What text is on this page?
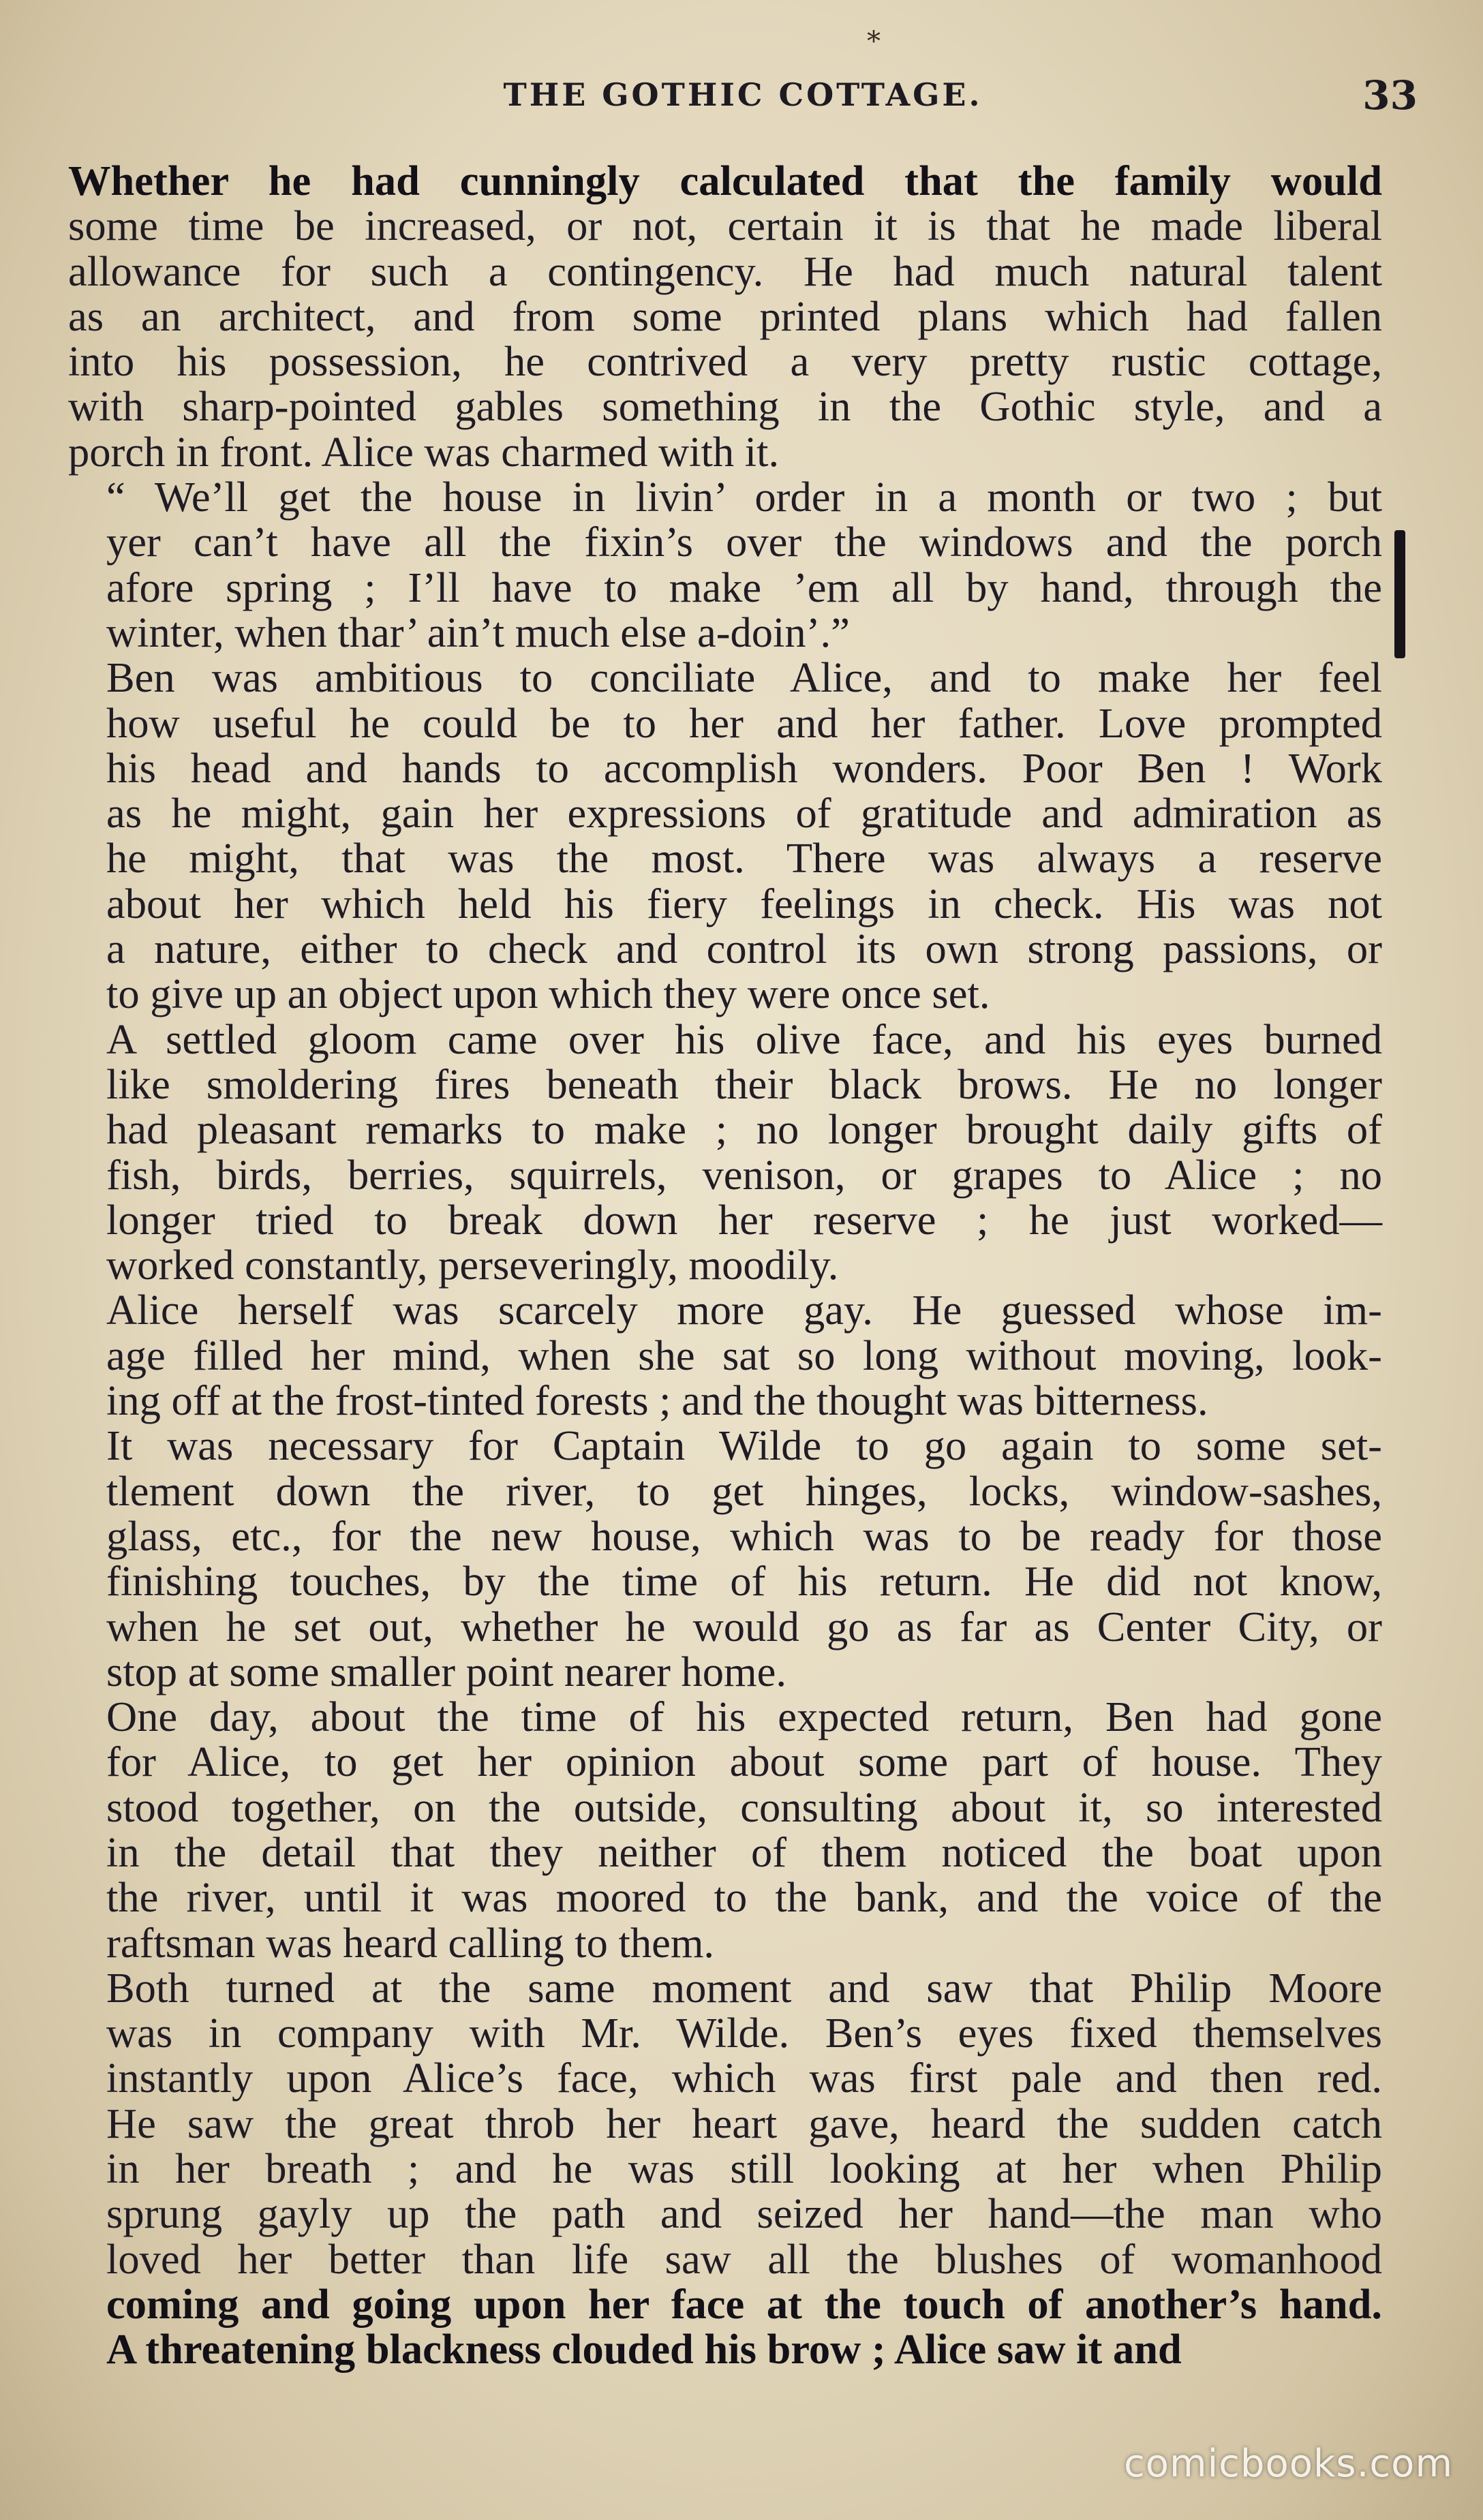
*
THE GOTHIC COTTAGE.	33

Whether he had cunningly calculated that the family would
some time be increased, or not, certain it is that he made liberal
allowance for such a contingency. He had much natural talent
as an architect, and from some printed plans which had fallen
into his possession, he contrived a very pretty rustic cottage,
with sharp-pointed gables something in the Gothic style, and a
porch in front. Alice was charmed with it.

“ We’ll get the house in livin’ order in a month or two ; but
yer can’t have all the fixin’s over the windows and the porch
afore spring ; I’ll have to make ’em all by hand, through the
winter, when thar’ ain’t much else a-doin’.”

Ben was ambitious to conciliate Alice, and to make her feel
how useful he could be to her and her father. Love prompted
his head and hands to accomplish wonders. Poor Ben ! Work
as he might, gain her expressions of gratitude and admiration as
he might, that was the most. There was always a reserve
about her which held his fiery feelings in check. His was not
a nature, either to check and control its own strong passions, or
to give up an object upon which they were once set.

A settled gloom came over his olive face, and his eyes burned
like smoldering fires beneath their black brows. He no longer
had pleasant remarks to make ; no longer brought daily gifts of
fish, birds, berries, squirrels, venison, or grapes to Alice ; no
longer tried to break down her reserve ; he just worked—
worked constantly, perseveringly, moodily.

Alice herself was scarcely more gay. He guessed whose im-
age filled her mind, when she sat so long without moving, look-
ing off at the frost-tinted forests ; and the thought was bitterness.

It was necessary for Captain Wilde to go again to some set-
tlement down the river, to get hinges, locks, window-sashes,
glass, etc., for the new house, which was to be ready for those
finishing touches, by the time of his return. He did not know,
when he set out, whether he would go as far as Center City, or
stop at some smaller point nearer home.

One day, about the time of his expected return, Ben had gone
for Alice, to get her opinion about some part of house. They
stood together, on the outside, consulting about it, so interested
in the detail that they neither of them noticed the boat upon
the river, until it was moored to the bank, and the voice of the
raftsman was heard calling to them.

Both turned at the same moment and saw that Philip Moore
was in company with Mr. Wilde. Ben’s eyes fixed themselves
instantly upon Alice’s face, which was first pale and then red.
He saw the great throb her heart gave, heard the sudden catch
in her breath ; and he was still looking at her when Philip
sprung gayly up the path and seized her hand—the man who
loved her better than life saw all the blushes of womanhood
coming and going upon her face at the touch of another’s hand.
A threatening blackness clouded his brow ; Alice saw it and

comicbooks.com
